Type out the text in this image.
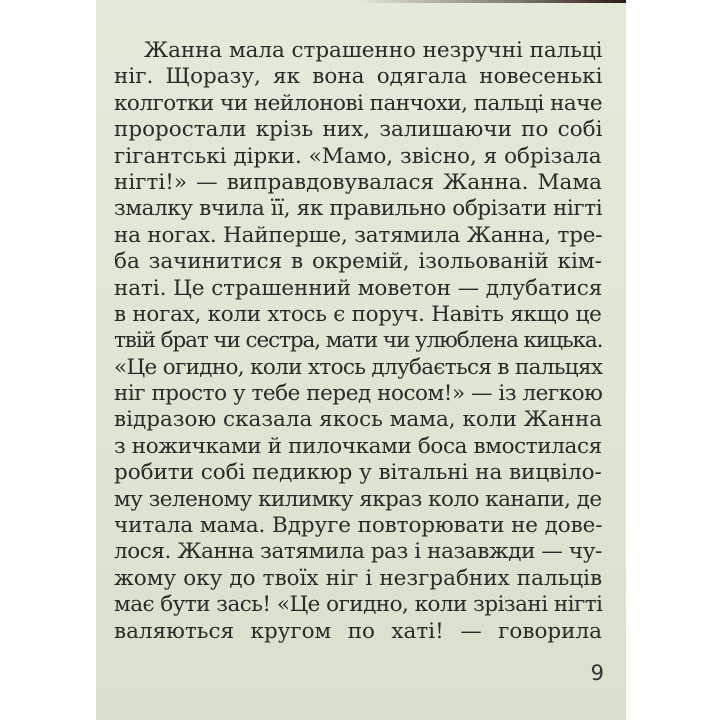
Жанна мала страшенно незручні пальці
ніг. Щоразу, як вона одягала новесенькі
колготки чи нейлонові панчохи, пальці наче
проростали крізь них, залишаючи по собі
гігантські дірки. «Мамо, звісно, я обрізала
нігті!» — виправдовувалася Жанна. Мама
змалку вчила її, як правильно обрізати нігті
на ногах. Найперше, затямила Жанна, тре-
ба зачинитися в окремій, ізольованій кім-
наті. Це страшенний моветон — длубатися
в ногах, коли хтось є поруч. Навіть якщо це
твій брат чи сестра, мати чи улюблена кицька.
«Це огидно, коли хтось длубається в пальцях
ніг просто у тебе перед носом!» — із легкою
відразою сказала якось мама, коли Жанна
з ножичками й пилочками боса вмостилася
робити собі педикюр у вітальні на вицвіло-
му зеленому килимку якраз коло канапи, де
читала мама. Вдруге повторювати не дове-
лося. Жанна затямила раз і назавжди — чу-
жому оку до твоїх ніг і незграбних пальців
має бути зась! «Це огидно, коли зрізані нігті
валяються кругом по хаті! — говорила
9
